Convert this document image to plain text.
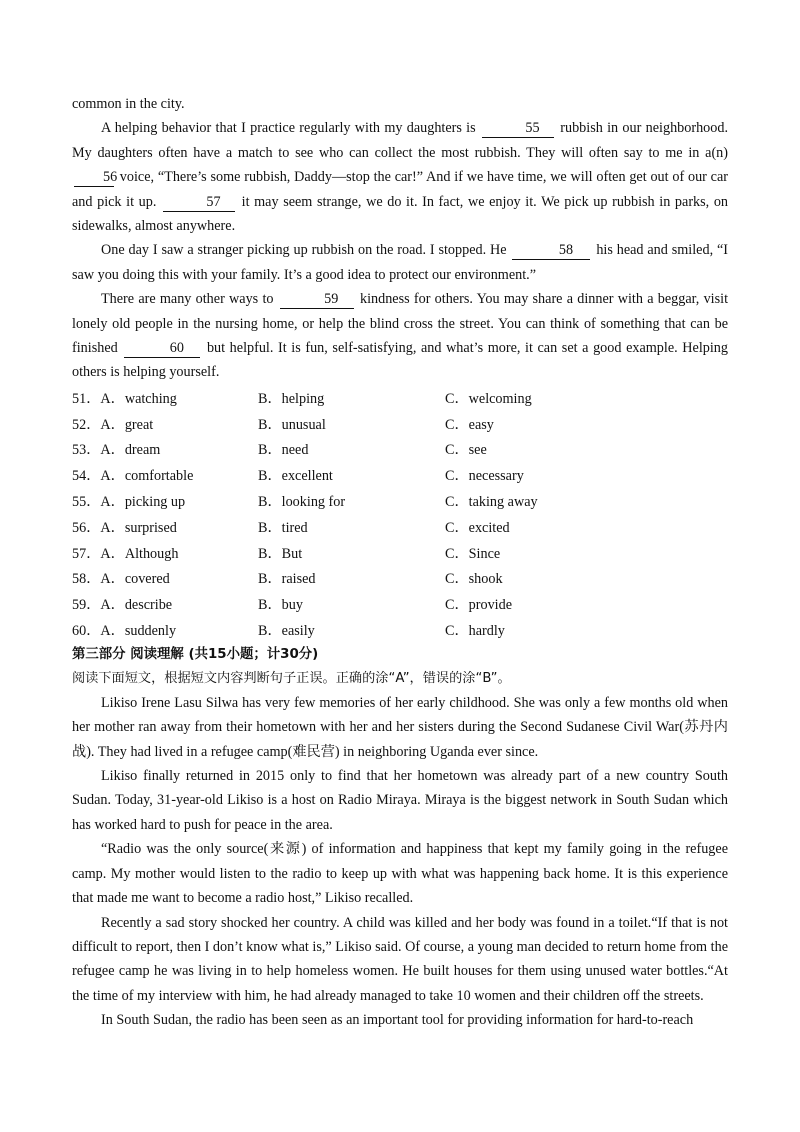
common in the city.

A helping behavior that I practice regularly with my daughters is	55 rubbish in our neighborhood. My daughters often have a match to see who can collect the most rubbish. They will often say to me in a(n) 56 voice, “There’s some rubbish, Daddy—stop the car!” And if we have time, we will often get out of our car and pick it up.	57 it may seem strange, we do it. In fact, we enjoy it. We pick up rubbish in parks, on sidewalks, almost anywhere.

One day I saw a stranger picking up rubbish on the road. I stopped. He	58 his head and smiled, “I saw you doing this with your family. It’s a good idea to protect our environment.”

There are many other ways to	59 kindness for others. You may share a dinner with a beggar, visit lonely old people in the nursing home, or help the blind cross the street. You can think of something that can be finished	60 but helpful. It is fun, self-satisfying, and what’s more, it can set a good example. Helping others is helping yourself.

51．A．watching	B．helping	C．welcoming
52．A．great	B．unusual	C．easy
53．A．dream	B．need	C．see
54．A．comfortable	B．excellent	C．necessary
55．A．picking up	B．looking for	C．taking away
56．A．surprised	B．tired	C．excited
57．A．Although	B．But	C．Since
58．A．covered	B．raised	C．shook
59．A．describe	B．buy	C．provide
60．A．suddenly	B．easily	C．hardly
第三部分 阅读理解 (共15小题；计30分)
阅读下面短文，根据短文内容判断句子正误。正确的涂“A”，错误的涂“B”。

Likiso Irene Lasu Silwa has very few memories of her early childhood. She was only a few months old when her mother ran away from their hometown with her and her sisters during the Second Sudanese Civil War(苏丹内战). They had lived in a refugee camp(难民营) in neighboring Uganda ever since.

Likiso finally returned in 2015 only to find that her hometown was already part of a new country South Sudan. Today, 31-year-old Likiso is a host on Radio Miraya. Miraya is the biggest network in South Sudan which has worked hard to push for peace in the area.

“Radio was the only source(来源) of information and happiness that kept my family going in the refugee camp. My mother would listen to the radio to keep up with what was happening back home. It is this experience that made me want to become a radio host,” Likiso recalled.

Recently a sad story shocked her country. A child was killed and her body was found in a toilet.“If that is not difficult to report, then I don’t know what is,” Likiso said. Of course, a young man decided to return home from the refugee camp he was living in to help homeless women. He built houses for them using unused water bottles.“At the time of my interview with him, he had already managed to take 10 women and their children off the streets.

In South Sudan, the radio has been seen as an important tool for providing information for hard-to-reach
